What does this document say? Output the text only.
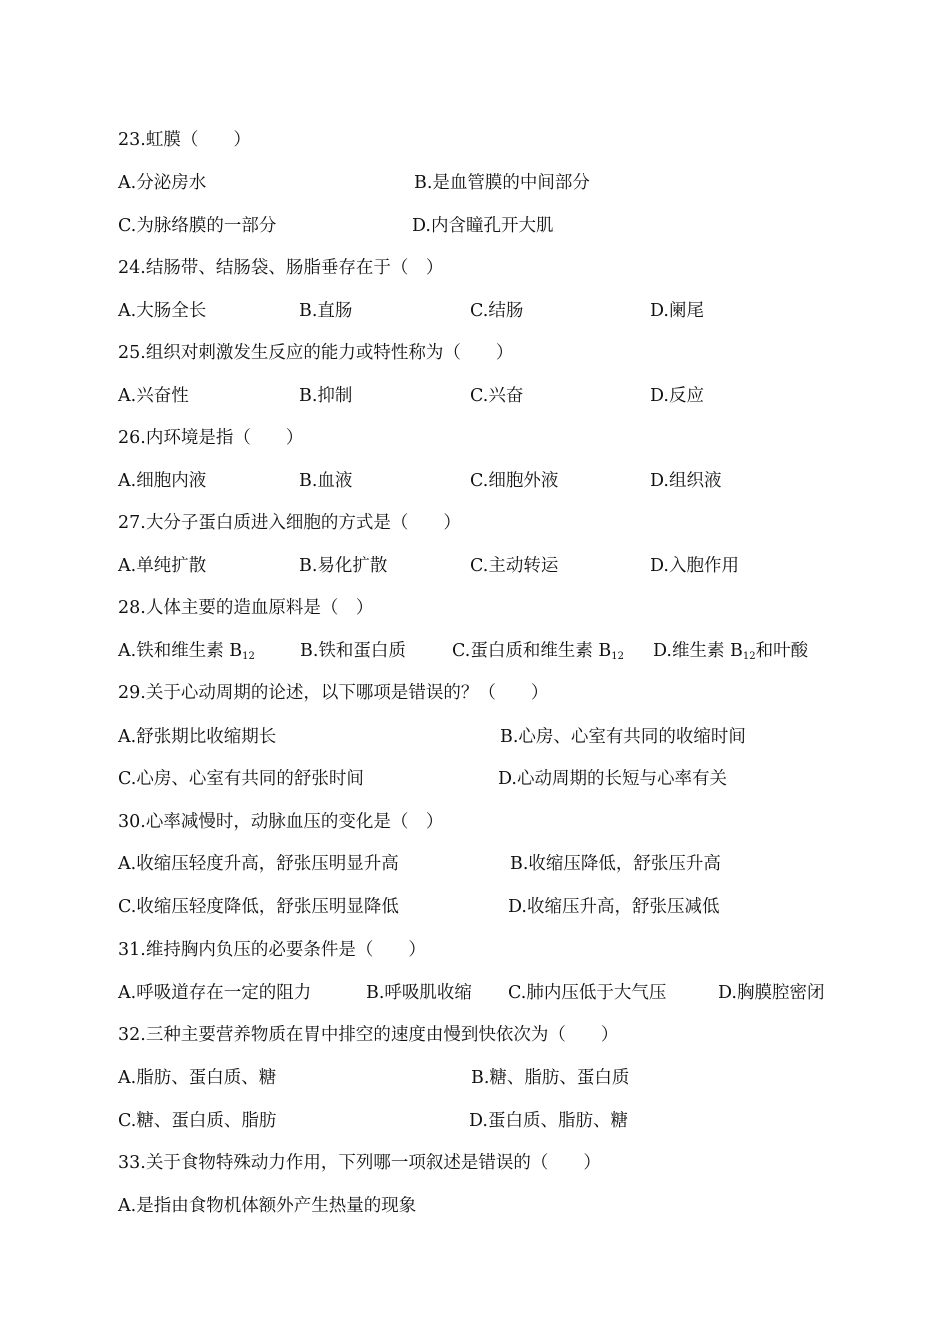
23.虹膜（　　）
A.分泌房水	B.是血管膜的中间部分
C.为脉络膜的一部分	D.内含瞳孔开大肌
24.结肠带、结肠袋、肠脂垂存在于（　）
A.大肠全长	B.直肠	C.结肠	D.阑尾
25.组织对刺激发生反应的能力或特性称为（　　）
A.兴奋性	B.抑制	C.兴奋	D.反应
26.内环境是指（　　）
A.细胞内液	B.血液	C.细胞外液	D.组织液
27.大分子蛋白质进入细胞的方式是（　　）
A.单纯扩散	B.易化扩散	C.主动转运	D.入胞作用
28.人体主要的造血原料是（　）
A.铁和维生素 $B_{12}$	B.铁和蛋白质	C.蛋白质和维生素 $B_{12}$ D.维生素 $B_{12}$和叶酸
29.关于心动周期的论述，以下哪项是错误的？（　　）
A.舒张期比收缩期长	B.心房、心室有共同的收缩时间
C.心房、心室有共同的舒张时间	D.心动周期的长短与心率有关
30.心率减慢时，动脉血压的变化是（　）
A.收缩压轻度升高，舒张压明显升高	B.收缩压降低，舒张压升高
C.收缩压轻度降低，舒张压明显降低	D.收缩压升高，舒张压减低
31.维持胸内负压的必要条件是（　　）
A.呼吸道存在一定的阻力	B.呼吸肌收缩 C.肺内压低于大气压	D.胸膜腔密闭
32.三种主要营养物质在胃中排空的速度由慢到快依次为（　　）
A.脂肪、蛋白质、糖	B.糖、脂肪、蛋白质
C.糖、蛋白质、脂肪	D.蛋白质、脂肪、糖
33.关于食物特殊动力作用，下列哪一项叙述是错误的（　　）
A.是指由食物机体额外产生热量的现象
